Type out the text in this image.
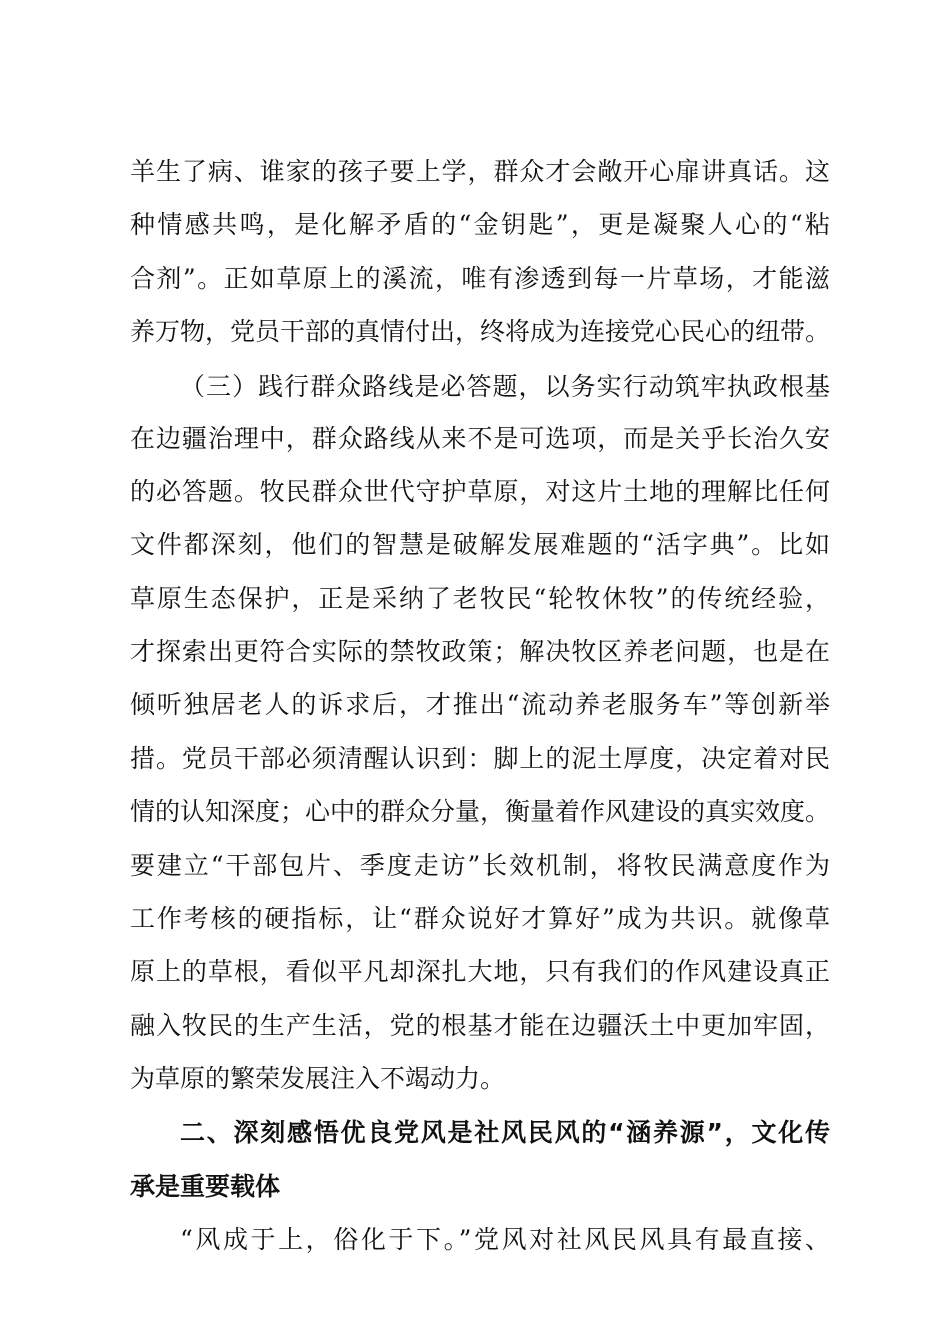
羊生了病、谁家的孩子要上学，群众才会敞开心扉讲真话。这
种情感共鸣，是化解矛盾的“金钥匙”，更是凝聚人心的“粘
合剂”。正如草原上的溪流，唯有渗透到每一片草场，才能滋
养万物，党员干部的真情付出，终将成为连接党心民心的纽带。
（三）践行群众路线是必答题，以务实行动筑牢执政根基
在边疆治理中，群众路线从来不是可选项，而是关乎长治久安
的必答题。牧民群众世代守护草原，对这片土地的理解比任何
文件都深刻，他们的智慧是破解发展难题的“活字典”。比如
草原生态保护，正是采纳了老牧民“轮牧休牧”的传统经验，
才探索出更符合实际的禁牧政策；解决牧区养老问题，也是在
倾听独居老人的诉求后，才推出“流动养老服务车”等创新举
措。党员干部必须清醒认识到：脚上的泥土厚度，决定着对民
情的认知深度；心中的群众分量，衡量着作风建设的真实效度。
要建立“干部包片、季度走访”长效机制，将牧民满意度作为
工作考核的硬指标，让“群众说好才算好”成为共识。就像草
原上的草根，看似平凡却深扎大地，只有我们的作风建设真正
融入牧民的生产生活，党的根基才能在边疆沃土中更加牢固，
为草原的繁荣发展注入不竭动力。
二、深刻感悟优良党风是社风民风的“涵养源”，文化传
承是重要载体
“风成于上，俗化于下。”党风对社风民风具有最直接、
